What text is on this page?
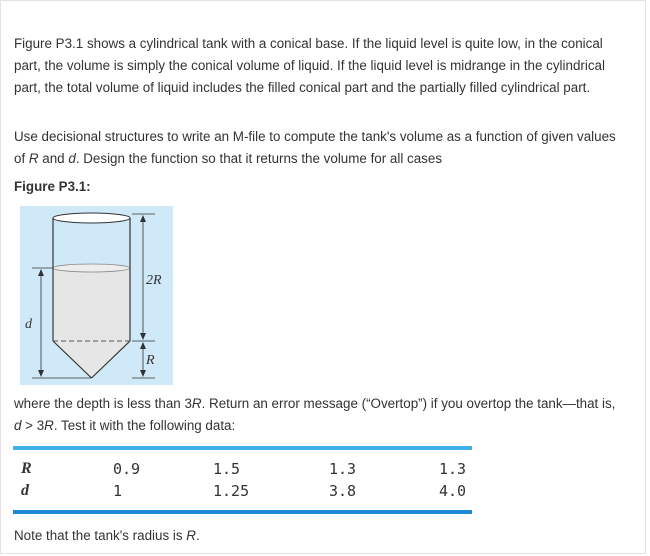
Figure P3.1 shows a cylindrical tank with a conical base. If the liquid level is quite low, in the conical part, the volume is simply the conical volume of liquid. If the liquid level is midrange in the cylindrical part, the total volume of liquid includes the filled conical part and the partially filled cylindrical part.

Use decisional structures to write an M-file to compute the tank's volume as a function of given values of R and d. Design the function so that it returns the volume for all cases

Figure P3.1:
2R
R
d

where the depth is less than 3R. Return an error message (“Overtop”) if you overtop the tank—that is, d > 3R. Test it with the following data:

R	0.9	1.5	1.3	1.3
d	1	1.25	3.8	4.0

Note that the tank's radius is R.
